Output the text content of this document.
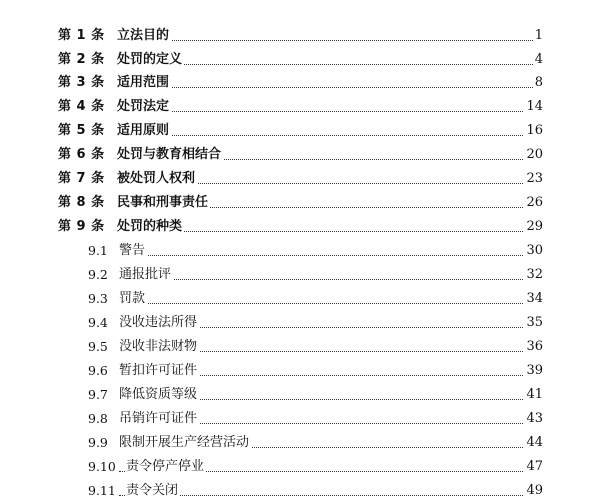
第 1 条 立法目的	1
第 2 条 处罚的定义	4
第 3 条 适用范围	8
第 4 条 处罚法定	14
第 5 条 适用原则	16
第 6 条 处罚与教育相结合	20
第 7 条 被处罚人权利	23
第 8 条 民事和刑事责任	26
第 9 条 处罚的种类	29
9.1 警告	30
9.2 通报批评	32
9.3 罚款	34
9.4 没收违法所得	35
9.5 没收非法财物	36
9.6 暂扣许可证件	39
9.7 降低资质等级	41
9.8 吊销许可证件	43
9.9 限制开展生产经营活动	44
9.10 责令停产停业	47
9.11 责令关闭	49
